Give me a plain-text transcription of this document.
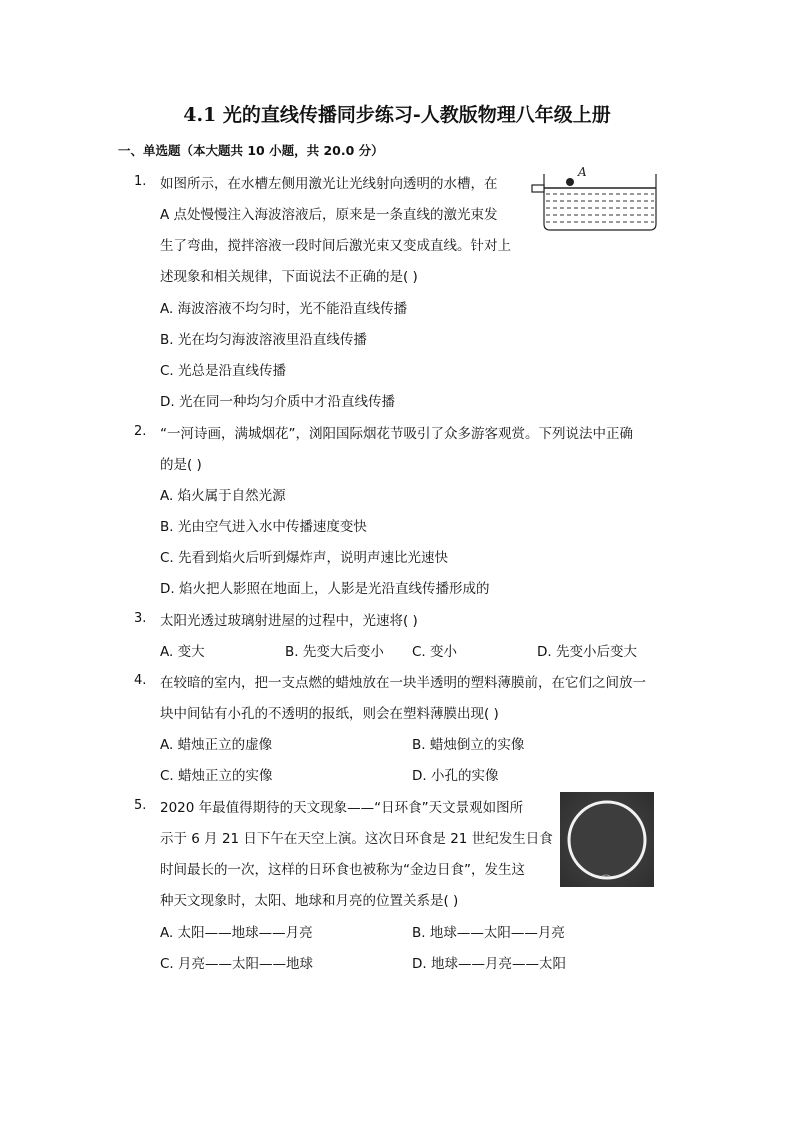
4.1 光的直线传播同步练习-人教版物理八年级上册
一、单选题（本大题共 10 小题，共 20.0 分）
1. 如图所示，在水槽左侧用激光让光线射向透明的水槽，在
A 点处慢慢注入海波溶液后，原来是一条直线的激光束发
生了弯曲，搅拌溶液一段时间后激光束又变成直线。针对上
述现象和相关规律，下面说法不正确的是( )
A. 海波溶液不均匀时，光不能沿直线传播
B. 光在均匀海波溶液里沿直线传播
C. 光总是沿直线传播
D. 光在同一种均匀介质中才沿直线传播
A
2. “一河诗画，满城烟花”，浏阳国际烟花节吸引了众多游客观赏。下列说法中正确
的是( )
A. 焰火属于自然光源
B. 光由空气进入水中传播速度变快
C. 先看到焰火后听到爆炸声，说明声速比光速快
D. 焰火把人影照在地面上，人影是光沿直线传播形成的
3. 太阳光透过玻璃射进屋的过程中，光速将( )
A. 变大	B. 先变大后变小 C. 变小	D. 先变小后变大
4. 在较暗的室内，把一支点燃的蜡烛放在一块半透明的塑料薄膜前，在它们之间放一
块中间钻有小孔的不透明的报纸，则会在塑料薄膜出现( )
A. 蜡烛正立的虚像	B. 蜡烛倒立的实像
C. 蜡烛正立的实像	D. 小孔的实像
5. 2020 年最值得期待的天文现象——“日环食”天文景观如图所
示于 6 月 21 日下午在天空上演。这次日环食是 21 世纪发生日食
时间最长的一次，这样的日环食也被称为“金边日食”，发生这
种天文现象时，太阳、地球和月亮的位置关系是( )
A. 太阳——地球——月亮	B. 地球——太阳——月亮
C. 月亮——太阳——地球	D. 地球——月亮——太阳
